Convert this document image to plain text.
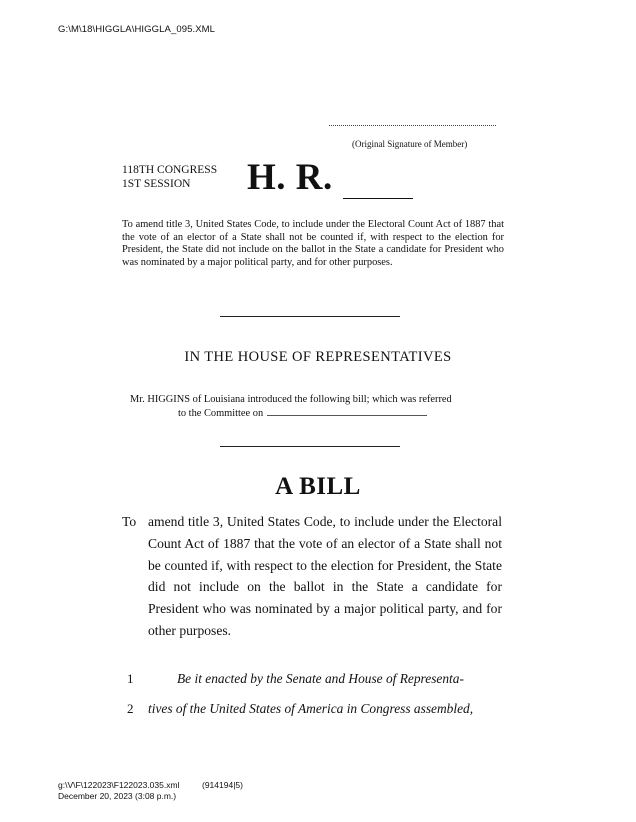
G:\M\18\HIGGLA\HIGGLA_095.XML
(Original Signature of Member)
118TH CONGRESS
1ST SESSION H. R.
To amend title 3, United States Code, to include under the Electoral Count Act of 1887 that the vote of an elector of a State shall not be counted if, with respect to the election for President, the State did not include on the ballot in the State a candidate for President who was nominated by a major political party, and for other purposes.
IN THE HOUSE OF REPRESENTATIVES
Mr. HIGGINS of Louisiana introduced the following bill; which was referred
to the Committee on
A BILL
To amend title 3, United States Code, to include under the Electoral Count Act of 1887 that the vote of an elector of a State shall not be counted if, with respect to the election for President, the State did not include on the ballot in the State a candidate for President who was nominated by a major political party, and for other purposes.
1	Be it enacted by the Senate and House of Representa-
2 tives of the United States of America in Congress assembled,
g:\V\F\122023\F122023.035.xml	(914194|5)
December 20, 2023 (3:08 p.m.)
